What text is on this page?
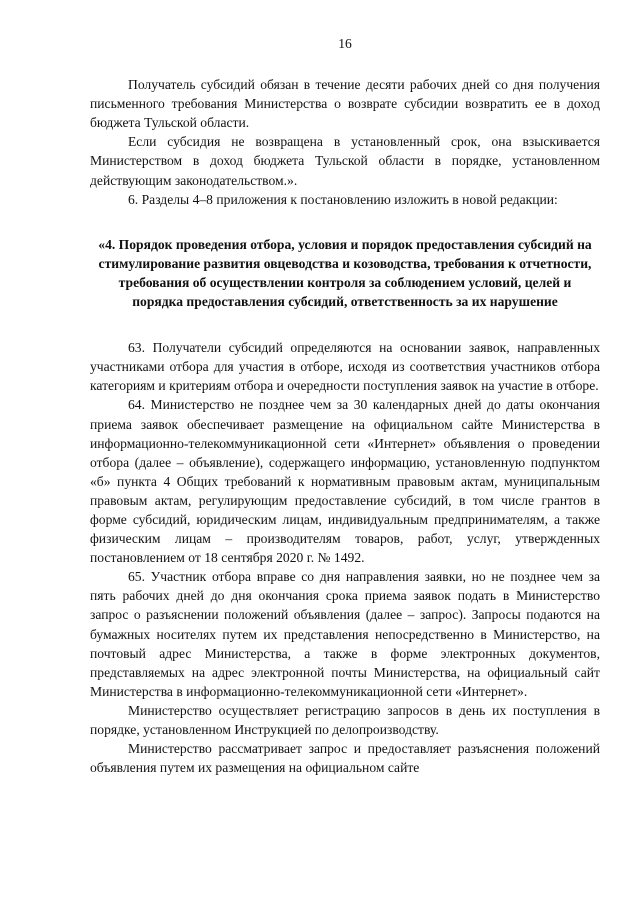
16

Получатель субсидий обязан в течение десяти рабочих дней со дня получения письменного требования Министерства о возврате субсидии возвратить ее в доход бюджета Тульской области.

Если субсидия не возвращена в установленный срок, она взыскивается Министерством в доход бюджета Тульской области в порядке, установленном действующим законодательством.».

6. Разделы 4–8 приложения к постановлению изложить в новой редакции:

«4. Порядок проведения отбора, условия и порядок предоставления субсидий на стимулирование развития овцеводства и козоводства, требования к отчетности, требования об осуществлении контроля за соблюдением условий, целей и порядка предоставления субсидий, ответственность за их нарушение

63. Получатели субсидий определяются на основании заявок, направленных участниками отбора для участия в отборе, исходя из соответствия участников отбора категориям и критериям отбора и очередности поступления заявок на участие в отборе.

64. Министерство не позднее чем за 30 календарных дней до даты окончания приема заявок обеспечивает размещение на официальном сайте Министерства в информационно-телекоммуникационной сети «Интернет» объявления о проведении отбора (далее – объявление), содержащего информацию, установленную подпунктом «б» пункта 4 Общих требований к нормативным правовым актам, муниципальным правовым актам, регулирующим предоставление субсидий, в том числе грантов в форме субсидий, юридическим лицам, индивидуальным предпринимателям, а также физическим лицам – производителям товаров, работ, услуг, утвержденных постановлением от 18 сентября 2020 г. № 1492.

65. Участник отбора вправе со дня направления заявки, но не позднее чем за пять рабочих дней до дня окончания срока приема заявок подать в Министерство запрос о разъяснении положений объявления (далее – запрос). Запросы подаются на бумажных носителях путем их представления непосредственно в Министерство, на почтовый адрес Министерства, а также в форме электронных документов, представляемых на адрес электронной почты Министерства, на официальный сайт Министерства в информационно-телекоммуникационной сети «Интернет».

Министерство осуществляет регистрацию запросов в день их поступления в порядке, установленном Инструкцией по делопроизводству.

Министерство рассматривает запрос и предоставляет разъяснения положений объявления путем их размещения на официальном сайте
